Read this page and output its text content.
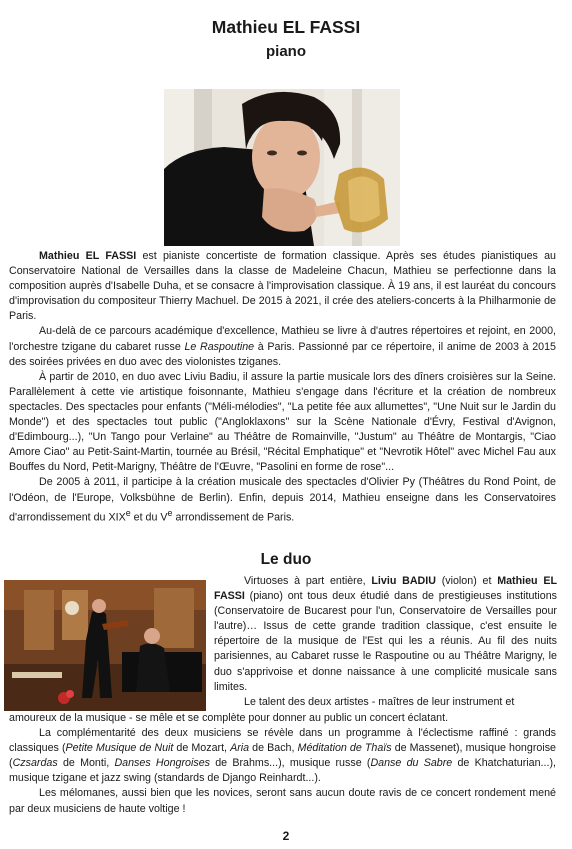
Mathieu EL FASSI
piano

Mathieu EL FASSI est pianiste concertiste de formation classique. Après ses études pianistiques au Conservatoire National de Versailles dans la classe de Madeleine Chacun, Mathieu se perfectionne dans la composition auprès d'Isabelle Duha, et se consacre à l'improvisation classique. À 19 ans, il est lauréat du concours d'improvisation du compositeur Thierry Machuel. De 2015 à 2021, il crée des ateliers-concerts à la Philharmonie de Paris.

Au-delà de ce parcours académique d'excellence, Mathieu se livre à d'autres répertoires et rejoint, en 2000, l'orchestre tzigane du cabaret russe Le Raspoutine à Paris. Passionné par ce répertoire, il anime de 2003 à 2015 des soirées privées en duo avec des violonistes tziganes.

À partir de 2010, en duo avec Liviu Badiu, il assure la partie musicale lors des dîners croisières sur la Seine. Parallèlement à cette vie artistique foisonnante, Mathieu s'engage dans l'écriture et la création de nombreux spectacles. Des spectacles pour enfants ("Méli-mélodies", "La petite fée aux allumettes", "Une Nuit sur le Jardin du Monde") et des spectacles tout public ("Angloklaxons" sur la Scène Nationale d'Évry, Festival d'Avignon, d'Edimbourg...), "Un Tango pour Verlaine" au Théâtre de Romainville, "Justum" au Théâtre de Montargis, "Ciao Amore Ciao" au Petit-Saint-Martin, tournée au Brésil, "Récital Emphatique" et "Nevrotik Hôtel" avec Michel Fau aux Bouffes du Nord, Petit-Marigny, Théâtre de l'Œuvre, "Pasolini en forme de rose"...

De 2005 à 2011, il participe à la création musicale des spectacles d'Olivier Py (Théâtres du Rond Point, de l'Odéon, de l'Europe, Volksbühne de Berlin). Enfin, depuis 2014, Mathieu enseigne dans les Conservatoires d'arrondissement du XIXe et du Ve arrondissement de Paris.

Le duo

Virtuoses à part entière, Liviu BADIU (violon) et Mathieu EL FASSI (piano) ont tous deux étudié dans de prestigieuses institutions (Conservatoire de Bucarest pour l'un, Conservatoire de Versailles pour l'autre)… Issus de cette grande tradition classique, c'est ensuite le répertoire de la musique de l'Est qui les a réunis. Au fil des nuits parisiennes, au Cabaret russe le Raspoutine ou au Théâtre Marigny, le duo s'apprivoise et donne naissance à une complicité musicale sans limites.

Le talent des deux artistes - maîtres de leur instrument et

amoureux de la musique - se mêle et se complète pour donner au public un concert éclatant.

La complémentarité des deux musiciens se révèle dans un programme à l'éclectisme raffiné : grands classiques (Petite Musique de Nuit de Mozart, Aria de Bach, Méditation de Thaïs de Massenet), musique hongroise (Czsardas de Monti, Danses Hongroises de Brahms...), musique russe (Danse du Sabre de Khatchaturian...), musique tzigane et jazz swing (standards de Django Reinhardt...).

Les mélomanes, aussi bien que les novices, seront sans aucun doute ravis de ce concert rondement mené par deux musiciens de haute voltige !

2
